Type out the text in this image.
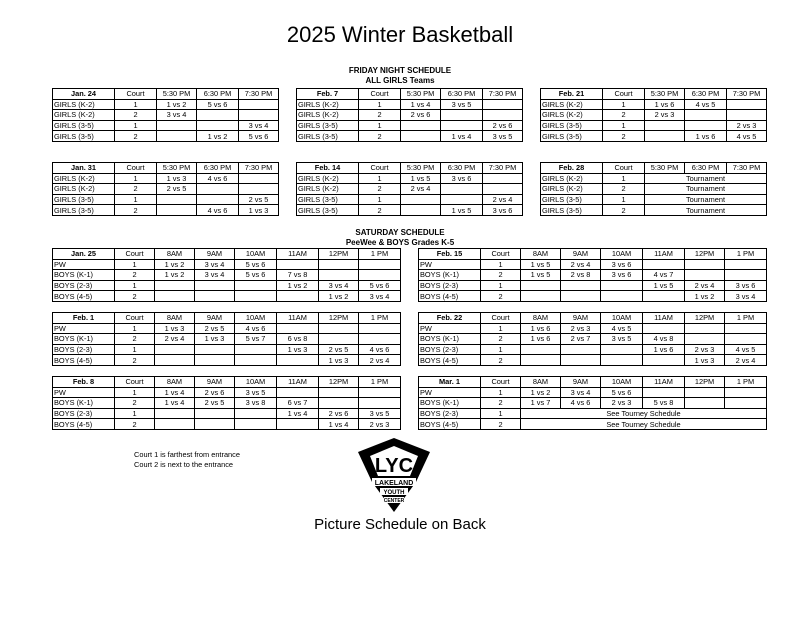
2025 Winter Basketball
FRIDAY NIGHT SCHEDULE
ALL GIRLS Teams
SATURDAY SCHEDULE
PeeWee & BOYS Grades K-5
Jan. 24	Court	5:30 PM	6:30 PM	7:30 PM
GIRLS (K-2)	1	1 vs 2	5 vs 6	
GIRLS (K-2)	2	3 vs 4		
GIRLS (3-5)	1			3 vs 4
GIRLS (3-5)	2		1 vs 2	5 vs 6
Feb. 7	Court	5:30 PM	6:30 PM	7:30 PM
GIRLS (K-2)	1	1 vs 4	3 vs 5	
GIRLS (K-2)	2	2 vs 6		
GIRLS (3-5)	1			2 vs 6
GIRLS (3-5)	2		1 vs 4	3 vs 5
Feb. 21	Court	5:30 PM	6:30 PM	7:30 PM
GIRLS (K-2)	1	1 vs 6	4 vs 5	
GIRLS (K-2)	2	2 vs 3		
GIRLS (3-5)	1			2 vs 3
GIRLS (3-5)	2		1 vs 6	4 vs 5
Jan. 31	Court	5:30 PM	6:30 PM	7:30 PM
GIRLS (K-2)	1	1 vs 3	4 vs 6	
GIRLS (K-2)	2	2 vs 5		
GIRLS (3-5)	1			2 vs 5
GIRLS (3-5)	2		4 vs 6	1 vs 3
Feb. 14	Court	5:30 PM	6:30 PM	7:30 PM
GIRLS (K-2)	1	1 vs 5	3 vs 6	
GIRLS (K-2)	2	2 vs 4		
GIRLS (3-5)	1			2 vs 4
GIRLS (3-5)	2		1 vs 5	3 vs 6
Feb. 28	Court	5:30 PM	6:30 PM	7:30 PM
GIRLS (K-2)	1	Tournament		
GIRLS (K-2)	2	Tournament		
GIRLS (3-5)	1	Tournament		
GIRLS (3-5)	2	Tournament		
Jan. 25	Court	8AM	9AM	10AM	11AM	12PM	1 PM
PW	1	1 vs 2	3 vs 4	5 vs 6			
BOYS (K-1)	2	1 vs 2	3 vs 4	5 vs 6	7 vs 8		
BOYS (2-3)	1				1 vs 2	3 vs 4	5 vs 6
BOYS (4-5)	2					1 vs 2	3 vs 4
Feb. 15	Court	8AM	9AM	10AM	11AM	12PM	1 PM
PW	1	1 vs 5	2 vs 4	3 vs 6			
BOYS (K-1)	2	1 vs 5	2 vs 8	3 vs 6	4 vs 7		
BOYS (2-3)	1				1 vs 5	2 vs 4	3 vs 6
BOYS (4-5)	2					1 vs 2	3 vs 4
Feb. 1	Court	8AM	9AM	10AM	11AM	12PM	1 PM
PW	1	1 vs 3	2 vs 5	4 vs 6			
BOYS (K-1)	2	2 vs 4	1 vs 3	5 vs 7	6 vs 8		
BOYS (2-3)	1				1 vs 3	2 vs 5	4 vs 6
BOYS (4-5)	2					1 vs 3	2 vs 4
Feb. 22	Court	8AM	9AM	10AM	11AM	12PM	1 PM
PW	1	1 vs 6	2 vs 3	4 vs 5			
BOYS (K-1)	2	1 vs 6	2 vs 7	3 vs 5	4 vs 8		
BOYS (2-3)	1				1 vs 6	2 vs 3	4 vs 5
BOYS (4-5)	2					1 vs 3	2 vs 4
Feb. 8	Court	8AM	9AM	10AM	11AM	12PM	1 PM
PW	1	1 vs 4	2 vs 6	3 vs 5			
BOYS (K-1)	2	1 vs 4	2 vs 5	3 vs 8	6 vs 7		
BOYS (2-3)	1				1 vs 4	2 vs 6	3 vs 5
BOYS (4-5)	2					1 vs 4	2 vs 3
Mar. 1	Court	8AM	9AM	10AM	11AM	12PM	1 PM
PW	1	1 vs 2	3 vs 4	5 vs 6			
BOYS (K-1)	2	1 vs 7	4 vs 6	2 vs 3	5 vs 8		
BOYS (2-3)	1	See Tourney Schedule					
BOYS (4-5)	2	See Tourney Schedule					
Court 1 is farthest from entrance
Court 2 is next to the entrance	LYC
LAKELAND
YOUTH
CENTER
Picture Schedule on Back
